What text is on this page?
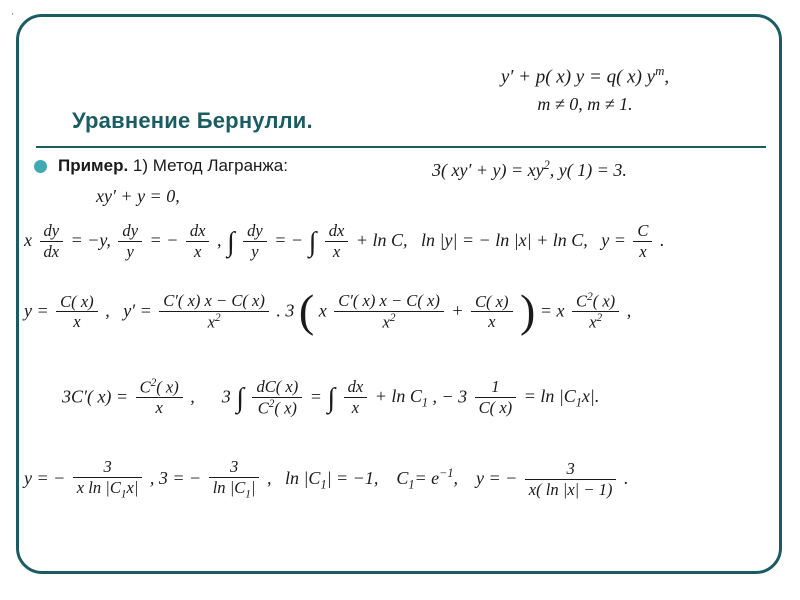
·
y′ + p( x) y = q( x) $y^m$,
m ≠ 0, m ≠ 1.
Уравнение Бернулли.
Пример. 1) Метод Лагранжа:	3( $xy' + y) = xy^2$, y( 1) = 3.
xy′ + y = 0,
x $\frac{dy}{dx} = -y$, $\frac{dy}{y}$ = − $\frac{dx}{x}$ , ∫ $\frac{dy}{y}$ = − ∫ $\frac{dx}{x} + \ln C$, ln |y| = − ln |x| + ln C, $y = \frac{C}{x}$ .
$y = \frac{C( x)}{x}$ , $y' = \frac{C'( x) x - C( x)}{x^2}$ . 3 ( x $\frac{C'( x) x - C( x)}{x^2} + \frac{C( x)}{x}$ ) = x $\frac{C^2( x)}{x^2}$ ,
3C′( $x) = \frac{C^2( x)}{x}$ , 3 ∫ $\frac{dC( x)}{C^2( x)}$ = ∫ $\frac{dx}{x} + \ln C_1$ , − $3 \frac{1}{C( x)} = \ln |C_1x|$.
y = − $\frac{3}{x \ln |C_1x|}$ , 3 = − $\frac{3}{\ln |C_1|}$ , $\ln |C_1| = -1$, $C_1= e^{-1}$, y = − $\frac{3}{x( \ln |x| - 1)}$ .
